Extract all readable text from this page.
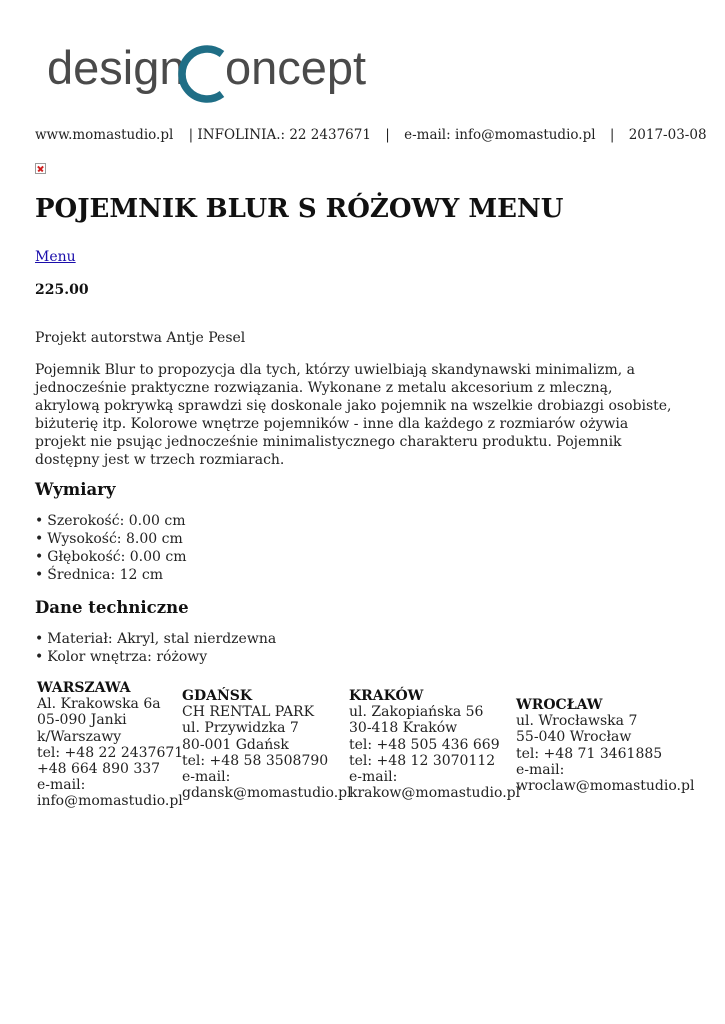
design oncept
www.momastudio.pl | INFOLINIA.: 22 2437671 | e-mail: info@momastudio.pl | 2017-03-08
POJEMNIK BLUR S RÓŻOWY MENU
Menu
225.00
Projekt autorstwa Antje Pesel

Pojemnik Blur to propozycja dla tych, którzy uwielbiają skandynawski minimalizm, a jednocześnie praktyczne rozwiązania. Wykonane z metalu akcesorium z mleczną, akrylową pokrywką sprawdzi się doskonale jako pojemnik na wszelkie drobiazgi osobiste, biżuterię itp. Kolorowe wnętrze pojemników - inne dla każdego z rozmiarów ożywia projekt nie psując jednocześnie minimalistycznego charakteru produktu. Pojemnik dostępny jest w trzech rozmiarach.

Wymiary
• Szerokość: 0.00 cm
• Wysokość: 8.00 cm
• Głębokość: 0.00 cm
• Średnica: 12 cm
Dane techniczne
• Materiał: Akryl, stal nierdzewna
• Kolor wnętrza: różowy
WARSZAWA
Al. Krakowska 6a
05-090 Janki
k/Warszawy
tel: +48 22 2437671
+48 664 890 337
e-mail:
info@momastudio.pl
GDAŃSK
CH RENTAL PARK
ul. Przywidzka 7
80-001 Gdańsk
tel: +48 58 3508790
e-mail:
gdansk@momastudio.pl
KRAKÓW
ul. Zakopiańska 56
30-418 Kraków
tel: +48 505 436 669
tel: +48 12 3070112
e-mail:
krakow@momastudio.pl
WROCŁAW
ul. Wrocławska 7
55-040 Wrocław
tel: +48 71 3461885
e-mail:
wroclaw@momastudio.pl
